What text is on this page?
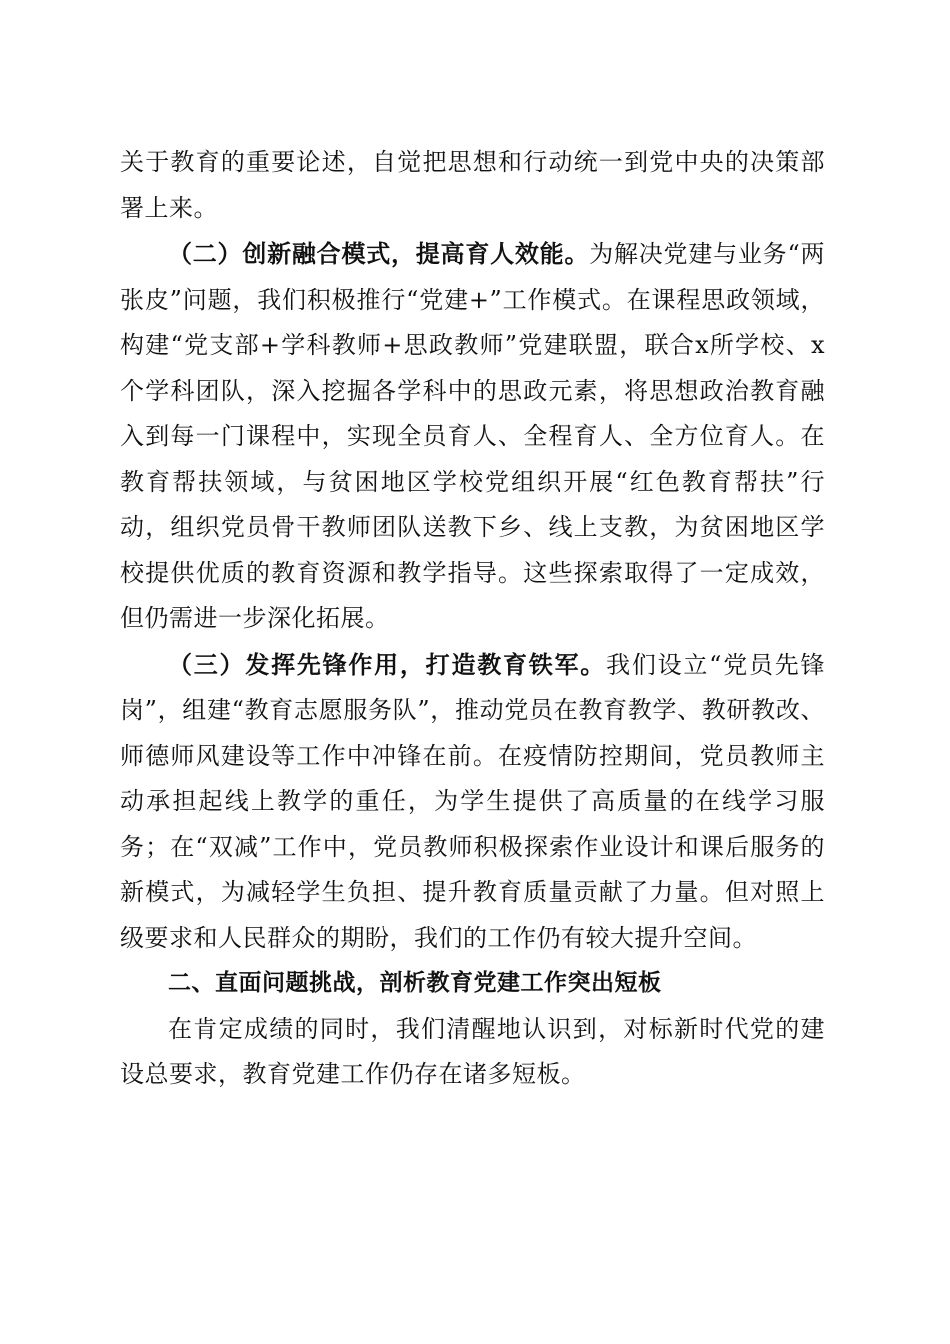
关于教育的重要论述，自觉把思想和行动统一到党中央的决策部署上来。

（二）创新融合模式，提高育人效能。为解决党建与业务“两张皮”问题，我们积极推行“党建+”工作模式。在课程思政领域，构建“党支部+学科教师+思政教师”党建联盟，联合x所学校、x个学科团队，深入挖掘各学科中的思政元素，将思想政治教育融入到每一门课程中，实现全员育人、全程育人、全方位育人。在教育帮扶领域，与贫困地区学校党组织开展“红色教育帮扶”行动，组织党员骨干教师团队送教下乡、线上支教，为贫困地区学校提供优质的教育资源和教学指导。这些探索取得了一定成效，但仍需进一步深化拓展。

（三）发挥先锋作用，打造教育铁军。我们设立“党员先锋岗”，组建“教育志愿服务队”，推动党员在教育教学、教研教改、师德师风建设等工作中冲锋在前。在疫情防控期间，党员教师主动承担起线上教学的重任，为学生提供了高质量的在线学习服务；在“双减”工作中，党员教师积极探索作业设计和课后服务的新模式，为减轻学生负担、提升教育质量贡献了力量。但对照上级要求和人民群众的期盼，我们的工作仍有较大提升空间。

二、直面问题挑战，剖析教育党建工作突出短板

在肯定成绩的同时，我们清醒地认识到，对标新时代党的建设总要求，教育党建工作仍存在诸多短板。
